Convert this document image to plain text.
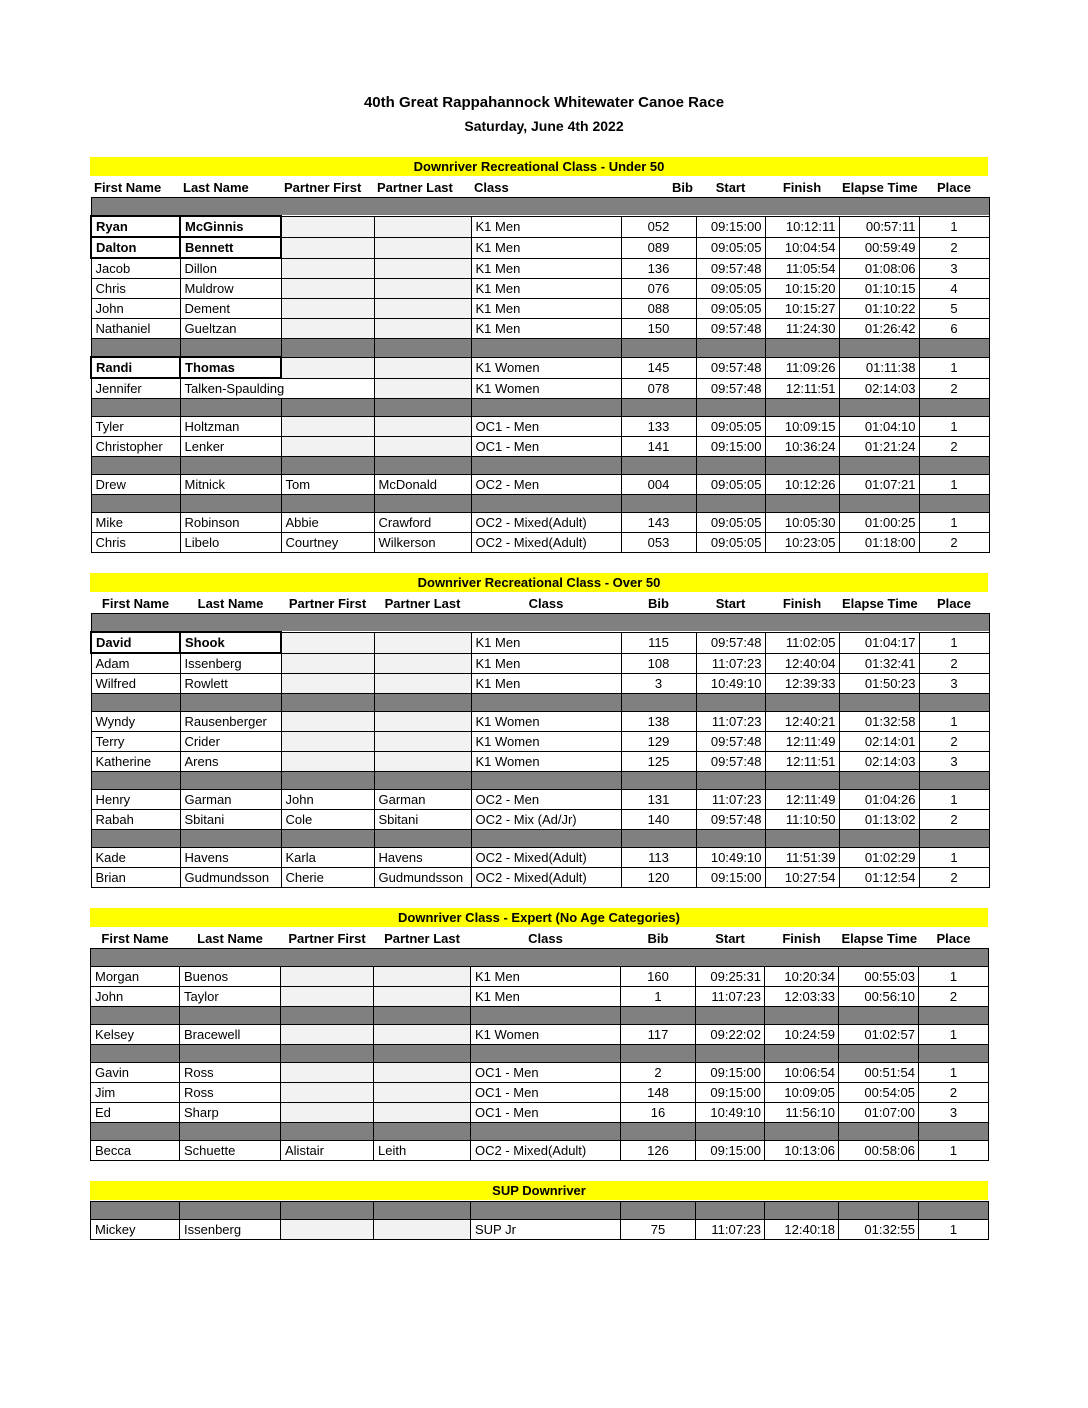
40th Great Rappahannock Whitewater Canoe Race
Saturday, June 4th 2022
Downriver Recreational Class - Under 50
First Name	Last Name	Partner First	Partner Last	Class	Bib	Start	Finish	Elapse Time	Place

Ryan	McGinnis			K1 Men	052	09:15:00	10:12:11	00:57:11	1
Dalton	Bennett			K1 Men	089	09:05:05	10:04:54	00:59:49	2
Jacob	Dillon			K1 Men	136	09:57:48	11:05:54	01:08:06	3
Chris	Muldrow			K1 Men	076	09:05:05	10:15:20	01:10:15	4
John	Dement			K1 Men	088	09:05:05	10:15:27	01:10:22	5
Nathaniel	Gueltzan			K1 Men	150	09:57:48	11:24:30	01:26:42	6

Randi	Thomas			K1 Women	145	09:57:48	11:09:26	01:11:38	1
Jennifer	Talken-Spaulding			K1 Women	078	09:57:48	12:11:51	02:14:03	2

Tyler	Holtzman			OC1 - Men	133	09:05:05	10:09:15	01:04:10	1
Christopher	Lenker			OC1 - Men	141	09:15:00	10:36:24	01:21:24	2

Drew	Mitnick	Tom	McDonald	OC2 - Men	004	09:05:05	10:12:26	01:07:21	1

Mike	Robinson	Abbie	Crawford	OC2 - Mixed(Adult)	143	09:05:05	10:05:30	01:00:25	1
Chris	Libelo	Courtney	Wilkerson	OC2 - Mixed(Adult)	053	09:05:05	10:23:05	01:18:00	2
Downriver Recreational Class - Over 50
First Name	Last Name	Partner First	Partner Last	Class	Bib	Start	Finish	Elapse Time	Place

David	Shook			K1 Men	115	09:57:48	11:02:05	01:04:17	1
Adam	Issenberg			K1 Men	108	11:07:23	12:40:04	01:32:41	2
Wilfred	Rowlett			K1 Men	3	10:49:10	12:39:33	01:50:23	3

Wyndy	Rausenberger			K1 Women	138	11:07:23	12:40:21	01:32:58	1
Terry	Crider			K1 Women	129	09:57:48	12:11:49	02:14:01	2
Katherine	Arens			K1 Women	125	09:57:48	12:11:51	02:14:03	3

Henry	Garman	John	Garman	OC2 - Men	131	11:07:23	12:11:49	01:04:26	1
Rabah	Sbitani	Cole	Sbitani	OC2 - Mix (Ad/Jr)	140	09:57:48	11:10:50	01:13:02	2

Kade	Havens	Karla	Havens	OC2 - Mixed(Adult)	113	10:49:10	11:51:39	01:02:29	1
Brian	Gudmundsson	Cherie	Gudmundsson	OC2 - Mixed(Adult)	120	09:15:00	10:27:54	01:12:54	2
Downriver Class - Expert (No Age Categories)
First Name	Last Name	Partner First	Partner Last	Class	Bib	Start	Finish	Elapse Time	Place

Morgan	Buenos			K1 Men	160	09:25:31	10:20:34	00:55:03	1
John	Taylor			K1 Men	1	11:07:23	12:03:33	00:56:10	2

Kelsey	Bracewell			K1 Women	117	09:22:02	10:24:59	01:02:57	1

Gavin	Ross			OC1 - Men	2	09:15:00	10:06:54	00:51:54	1
Jim	Ross			OC1 - Men	148	09:15:00	10:09:05	00:54:05	2
Ed	Sharp			OC1 - Men	16	10:49:10	11:56:10	01:07:00	3

Becca	Schuette	Alistair	Leith	OC2 - Mixed(Adult)	126	09:15:00	10:13:06	00:58:06	1
SUP Downriver

Mickey	Issenberg			SUP Jr	75	11:07:23	12:40:18	01:32:55	1
